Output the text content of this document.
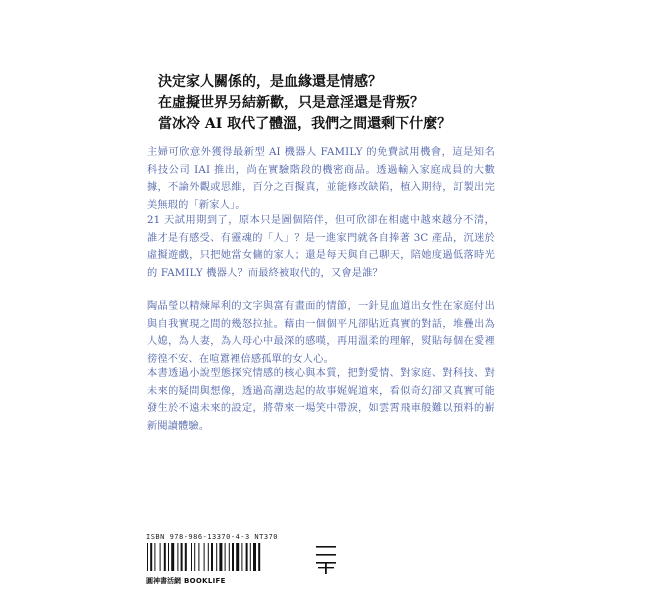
決定家人關係的，是血緣還是情感？
在虛擬世界另結新歡，只是意淫還是背叛？
當冰冷 AI 取代了體溫，我們之間還剩下什麼？

主婦可欣意外獲得最新型 AI 機器人 FAMILY 的免費試用機會，這是知名科技公司 IAI 推出，尚在實驗階段的機密商品。透過輸入家庭成員的大數據，不論外觀或思維，百分之百擬真，並能修改缺陷，植入期待，訂製出完美無瑕的「新家人」。

21 天試用期到了，原本只是圖個陪伴，但可欣卻在相處中越來越分不清，誰才是有感受、有靈魂的「人」？是一進家門就各自捧著 3C 產品，沉迷於虛擬遊戲，只把她當女傭的家人；還是每天與自己聊天，陪她度過低落時光的 FAMILY 機器人？而最終被取代的，又會是誰？

陶晶瑩以精煉犀利的文字與富有畫面的情節，一針見血道出女性在家庭付出與自我實現之間的幾怒拉扯。藉由一個個平凡卻貼近真實的對話，堆疊出為人媳，為人妻，為人母心中最深的感嘆，再用溫柔的理解，熨貼每個在愛裡徬徨不安、在喧囂裡倍感孤單的女人心。

本書透過小說型態探究情感的核心與本質，把對愛情、對家庭、對科技、對未來的疑問與想像，透過高潮迭起的故事娓娓道來，看似奇幻卻又真實可能發生於不遠未來的設定，將帶來一場笑中帶淚，如雲霄飛車般難以預料的嶄新閱讀體驗。

ISBN 978-986-13370-4-3 NT370
圓神書活網 BOOKLIFE
